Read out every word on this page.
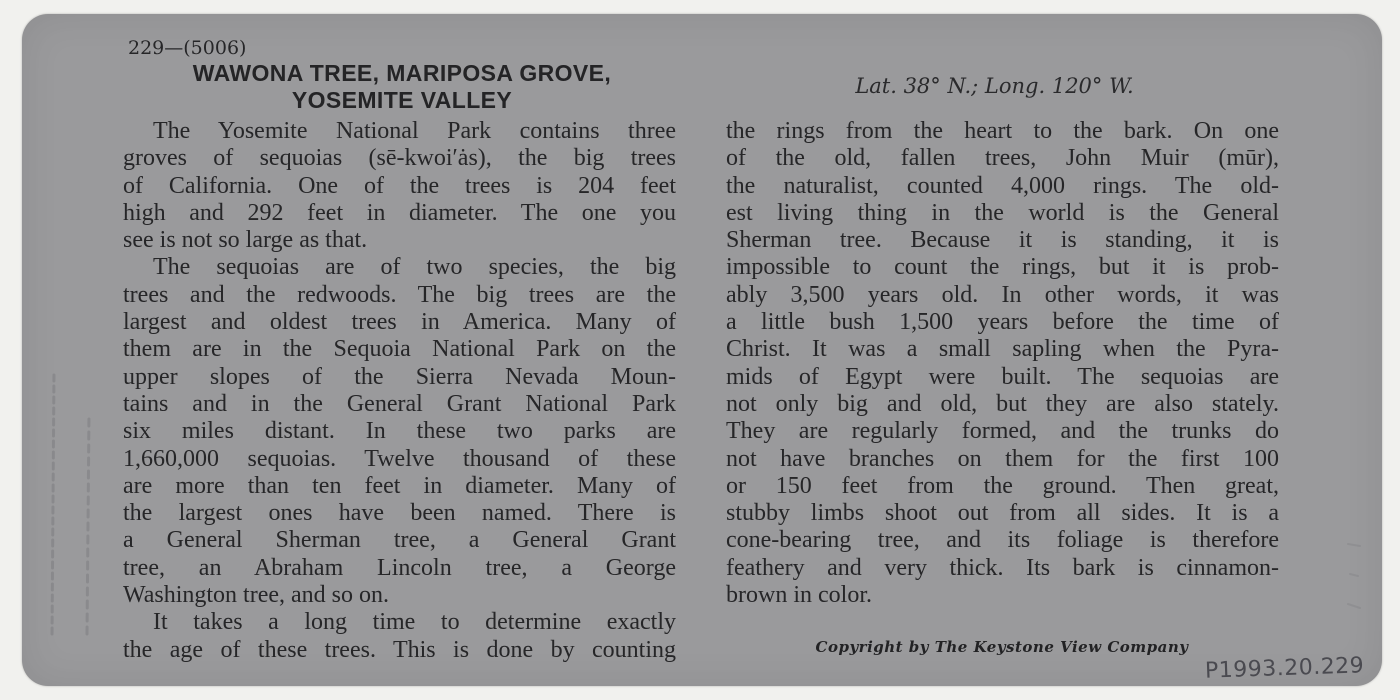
229—(5006)
WAWONA TREE, MARIPOSA GROVE,
YOSEMITE VALLEY
Lat. 38° N.; Long. 120° W.
The Yosemite National Park contains three
groves of sequoias (sē-kwoi′ȧs), the big trees
of California. One of the trees is 204 feet
high and 292 feet in diameter. The one you
see is not so large as that.
The sequoias are of two species, the big
trees and the redwoods. The big trees are the
largest and oldest trees in America. Many of
them are in the Sequoia National Park on the
upper slopes of the Sierra Nevada Moun-
tains and in the General Grant National Park
six miles distant. In these two parks are
1,660,000 sequoias. Twelve thousand of these
are more than ten feet in diameter. Many of
the largest ones have been named. There is
a General Sherman tree, a General Grant
tree, an Abraham Lincoln tree, a George
Washington tree, and so on.
It takes a long time to determine exactly
the age of these trees. This is done by counting
the rings from the heart to the bark. On one
of the old, fallen trees, John Muir (mūr),
the naturalist, counted 4,000 rings. The old-
est living thing in the world is the General
Sherman tree. Because it is standing, it is
impossible to count the rings, but it is prob-
ably 3,500 years old. In other words, it was
a little bush 1,500 years before the time of
Christ. It was a small sapling when the Pyra-
mids of Egypt were built. The sequoias are
not only big and old, but they are also stately.
They are regularly formed, and the trunks do
not have branches on them for the first 100
or 150 feet from the ground. Then great,
stubby limbs shoot out from all sides. It is a
cone-bearing tree, and its foliage is therefore
feathery and very thick. Its bark is cinnamon-
brown in color.
Copyright by The Keystone View Company
P1993.20.229
